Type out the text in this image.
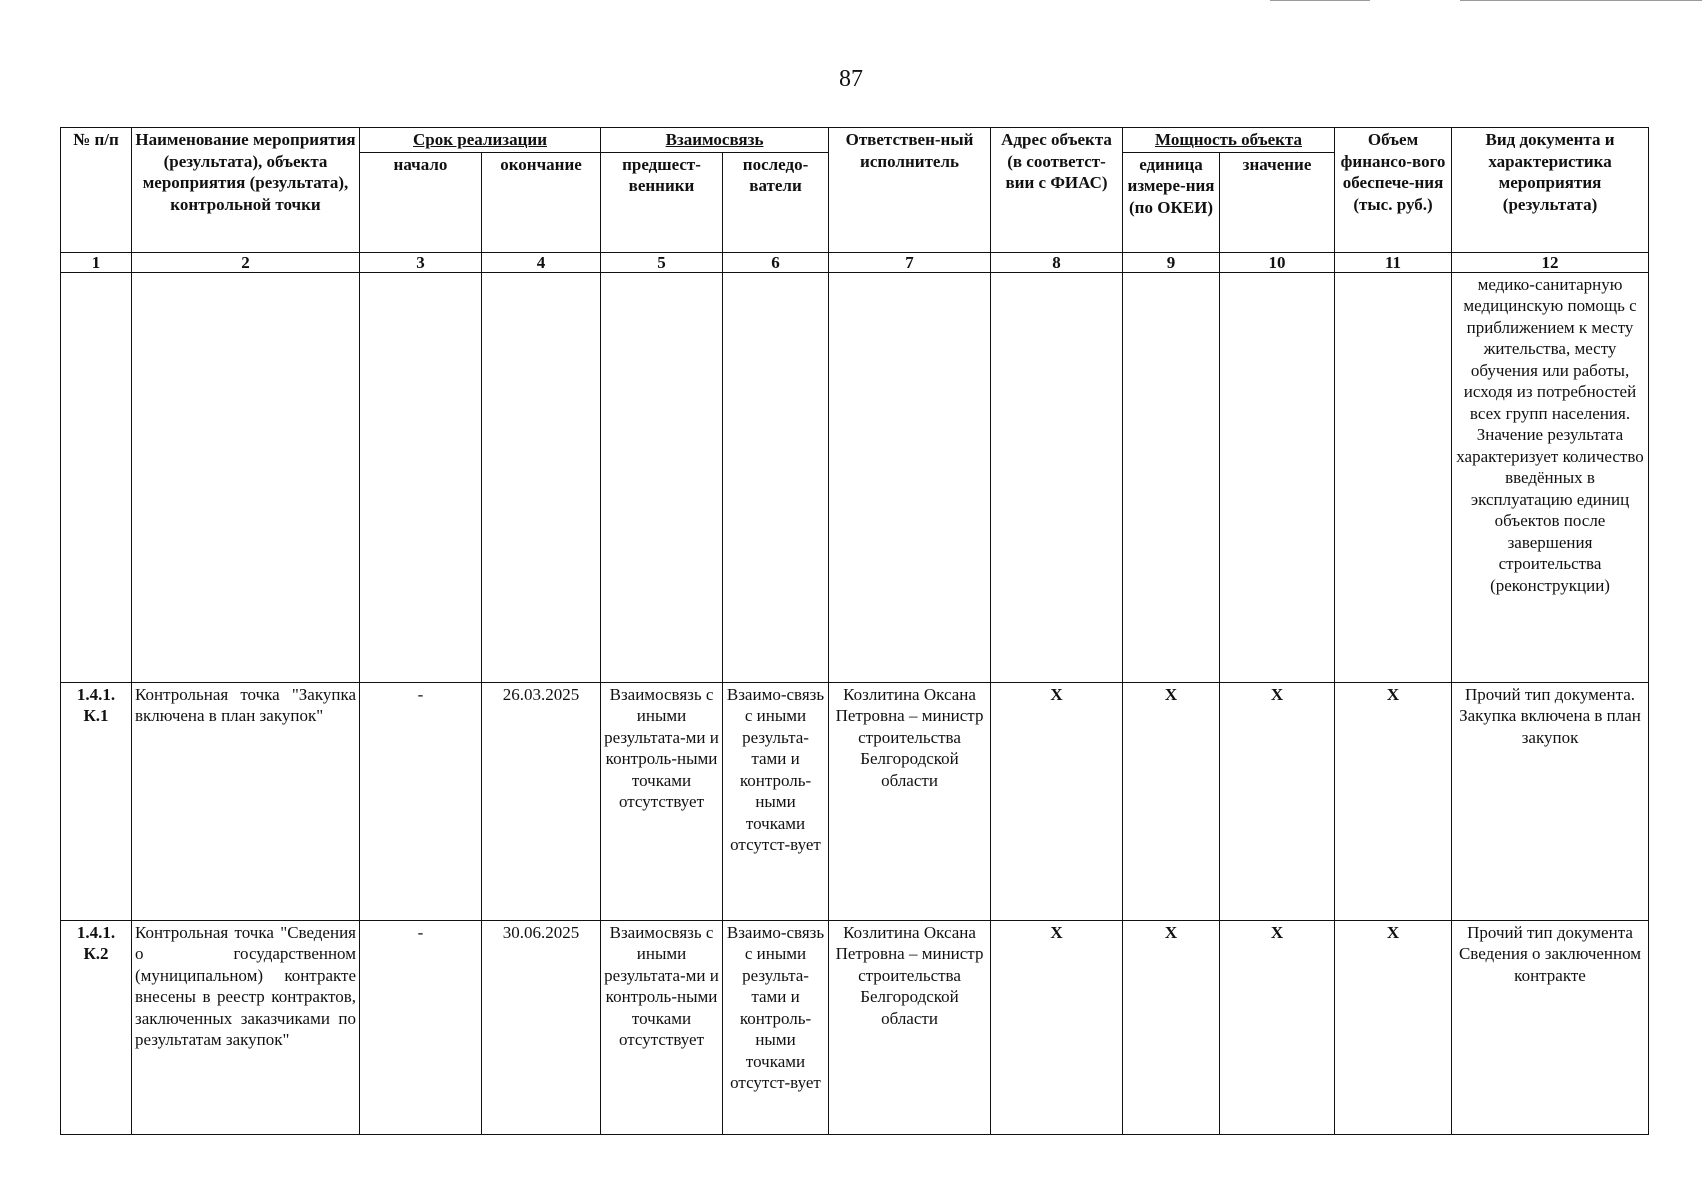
87
№ п/п	Наименование мероприятия (результата), объекта мероприятия (результата), контрольной точки	Срок реализации		Взаимосвязь		Ответствен-ный исполнитель	Адрес объекта (в соответст-вии с ФИАС)	Мощность объекта		Объем финансо-вого обеспече-ния (тыс. руб.)	Вид документа и характеристика мероприятия (результата)
		начало	окончание	предшест-венники	последо-ватели			единица измере-ния (по ОКЕИ)	значение		
1	2	3	4	5	6	7	8	9	10	11	12
											медико-санитарную медицинскую помощь с приближением к месту жительства, месту обучения или работы, исходя из потребностей всех групп населения. Значение результата характеризует количество введённых в эксплуатацию единиц объектов после завершения строительства (реконструкции)
1.4.1. К.1	Контрольная точка "Закупка включена в план закупок"	-	26.03.2025	Взаимосвязь с иными результата-ми и контроль-ными точками отсутствует	Взаимо-связь с иными результа-тами и контроль-ными точками отсутст-вует	Козлитина Оксана Петровна – министр строительства Белгородской области	X	X	X	X	Прочий тип документа. Закупка включена в план закупок
1.4.1. К.2	Контрольная точка "Сведения о государственном (муниципальном) контракте внесены в реестр контрактов, заключенных заказчиками по результатам закупок"	-	30.06.2025	Взаимосвязь с иными результата-ми и контроль-ными точками отсутствует	Взаимо-связь с иными результа-тами и контроль-ными точками отсутст-вует	Козлитина Оксана Петровна – министр строительства Белгородской области	X	X	X	X	Прочий тип документа Сведения о заключенном контракте
